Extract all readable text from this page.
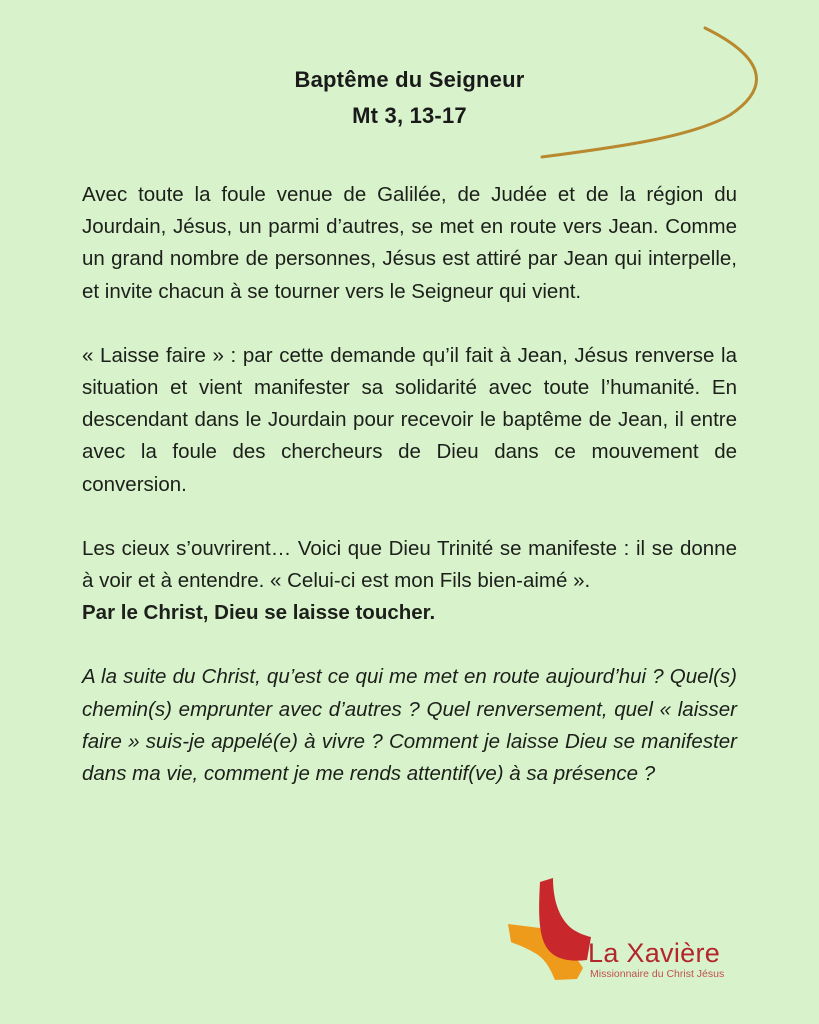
Baptême du Seigneur
Mt 3, 13-17

Avec toute la foule venue de Galilée, de Judée et de la région du Jourdain, Jésus, un parmi d’autres, se met en route vers Jean. Comme un grand nombre de personnes, Jésus est attiré par Jean qui interpelle, et invite chacun à se tourner vers le Seigneur qui vient.

« Laisse faire » : par cette demande qu’il fait à Jean, Jésus renverse la situation et vient manifester sa solidarité avec toute l’humanité. En descendant dans le Jourdain pour recevoir le baptême de Jean, il entre avec la foule des chercheurs de Dieu dans ce mouvement de conversion.

Les cieux s’ouvrirent… Voici que Dieu Trinité se manifeste : il se donne à voir et à entendre. « Celui-ci est mon Fils bien-aimé ».
Par le Christ, Dieu se laisse toucher.

A la suite du Christ, qu’est ce qui me met en route aujourd’hui ? Quel(s) chemin(s) emprunter avec d’autres ? Quel renversement, quel « laisser faire » suis-je appelé(e) à vivre ? Comment je laisse Dieu se manifester dans ma vie, comment je me rends attentif(ve) à sa présence ?

La Xavière
Missionnaire du Christ Jésus
